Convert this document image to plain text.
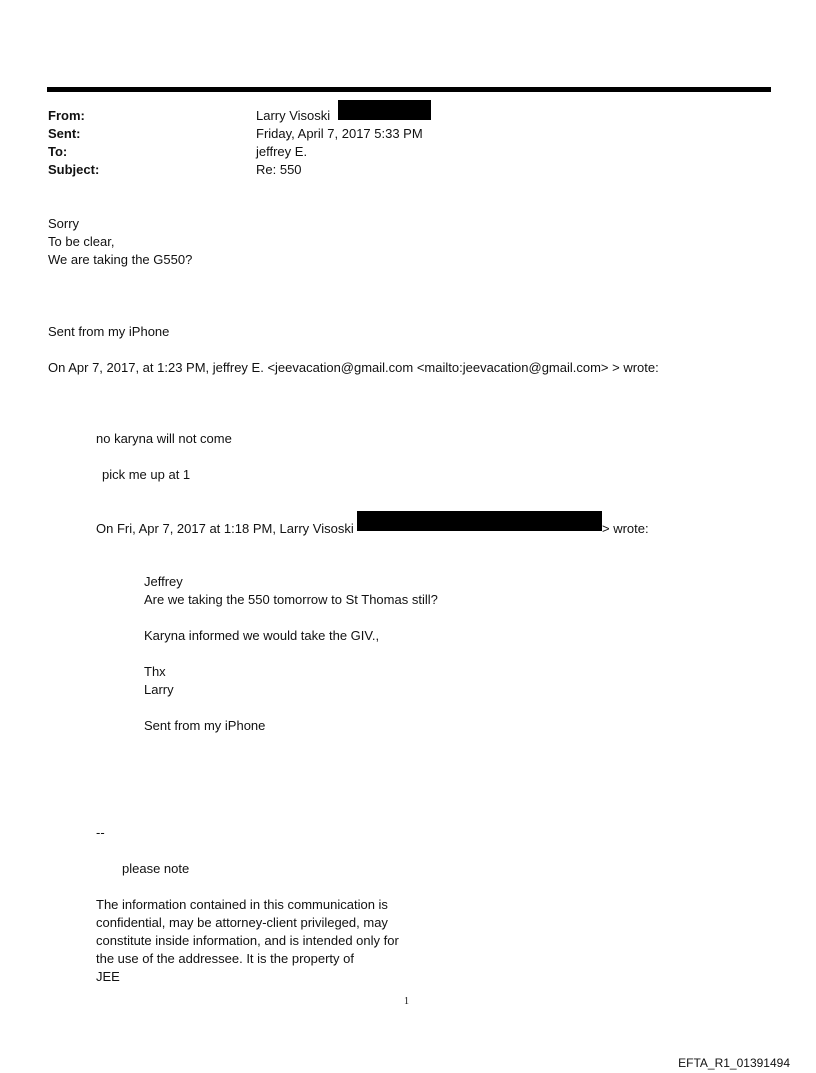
From:	Larry Visoski
Sent:	Friday, April 7, 2017 5:33 PM
To:	jeffrey E.
Subject:	Re: 550
Sorry
To be clear,
We are taking the G550?
Sent from my iPhone
On Apr 7, 2017, at 1:23 PM, jeffrey E. <jeevacation@gmail.com <mailto:jeevacation@gmail.com> > wrote:
no karyna will not come
pick me up at 1
On Fri, Apr 7, 2017 at 1:18 PM, Larry Visoski	> wrote:
Jeffrey
Are we taking the 550 tomorrow to St Thomas still?
Karyna informed we would take the GIV.,
Thx
Larry
Sent from my iPhone
--
please note
The information contained in this communication is
confidential, may be attorney-client privileged, may
constitute inside information, and is intended only for
the use of the addressee. It is the property of
JEE
1
EFTA_R1_01391494
